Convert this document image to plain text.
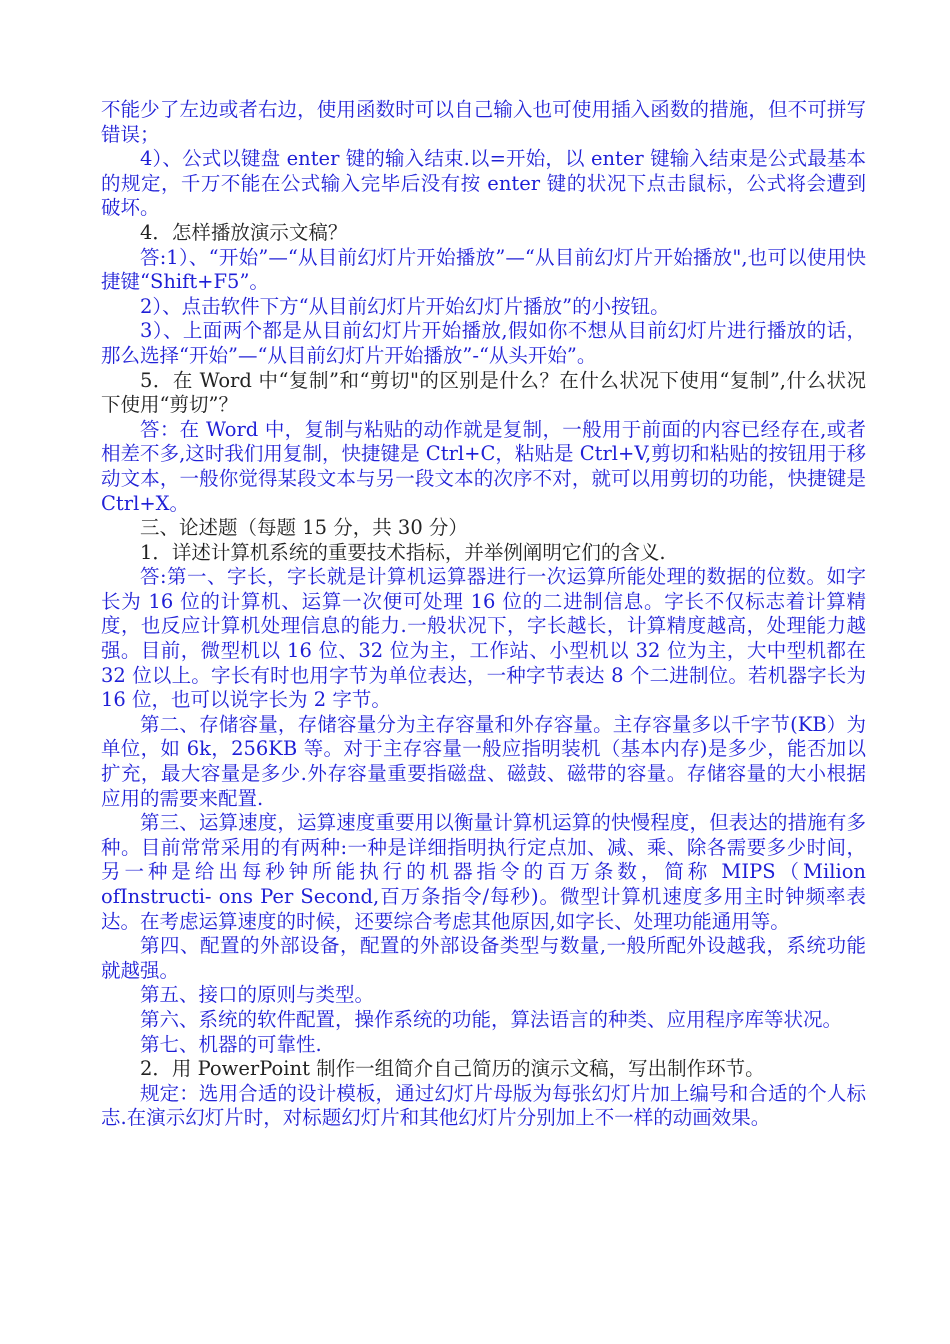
不能少了左边或者右边，使用函数时可以自己输入也可使用插入函数的措施，但不可拼写错误；

4）、公式以键盘 enter 键的输入结束.以=开始，以 enter 键输入结束是公式最基本的规定，千万不能在公式输入完毕后没有按 enter 键的状况下点击鼠标，公式将会遭到破坏。

4．怎样播放演示文稿？

答:1）、“开始”—“从目前幻灯片开始播放”—“从目前幻灯片开始播放",也可以使用快捷键“Shift+F5”。

2）、点击软件下方“从目前幻灯片开始幻灯片播放”的小按钮。

3）、上面两个都是从目前幻灯片开始播放,假如你不想从目前幻灯片进行播放的话，那么选择“开始”—“从目前幻灯片开始播放”-“从头开始”。

5．在 Word 中“复制”和“剪切"的区别是什么？在什么状况下使用“复制”,什么状况下使用“剪切”？

答：在 Word 中，复制与粘贴的动作就是复制，一般用于前面的内容已经存在,或者相差不多,这时我们用复制，快捷键是 Ctrl+C，粘贴是 Ctrl+V,剪切和粘贴的按钮用于移动文本，一般你觉得某段文本与另一段文本的次序不对，就可以用剪切的功能，快捷键是 Ctrl+X。

三、论述题（每题 15 分，共 30 分）

1．详述计算机系统的重要技术指标，并举例阐明它们的含义.

答:第一、字长，字长就是计算机运算器进行一次运算所能处理的数据的位数。如字长为 16 位的计算机、运算一次便可处理 16 位的二进制信息。字长不仅标志着计算精度，也反应计算机处理信息的能力.一般状况下，字长越长，计算精度越高，处理能力越强。目前，微型机以 16 位、32 位为主，工作站、小型机以 32 位为主，大中型机都在 32 位以上。字长有时也用字节为单位表达，一种字节表达 8 个二进制位。若机器字长为 16 位，也可以说字长为 2 字节。

第二、存储容量，存储容量分为主存容量和外存容量。主存容量多以千字节(KB）为单位，如 6k，256KB 等。对于主存容量一般应指明装机（基本内存)是多少，能否加以扩充，最大容量是多少.外存容量重要指磁盘、磁鼓、磁带的容量。存储容量的大小根据应用的需要来配置.

第三、运算速度，运算速度重要用以衡量计算机运算的快慢程度，但表达的措施有多种。目前常常采用的有两种:一种是详细指明执行定点加、减、乘、除各需要多少时间，另一种是给出每秒钟所能执行的机器指令的百万条数，简称 MIPS（Milion ofInstructi- ons Per Second,百万条指令/每秒)。微型计算机速度多用主时钟频率表达。在考虑运算速度的时候，还要综合考虑其他原因,如字长、处理功能通用等。

第四、配置的外部设备，配置的外部设备类型与数量,一般所配外设越我，系统功能就越强。

第五、接口的原则与类型。

第六、系统的软件配置，操作系统的功能，算法语言的种类、应用程序库等状况。

第七、机器的可靠性.

2．用 PowerPoint 制作一组简介自己简历的演示文稿，写出制作环节。

规定：选用合适的设计模板，通过幻灯片母版为每张幻灯片加上编号和合适的个人标志.在演示幻灯片时，对标题幻灯片和其他幻灯片分别加上不一样的动画效果。
